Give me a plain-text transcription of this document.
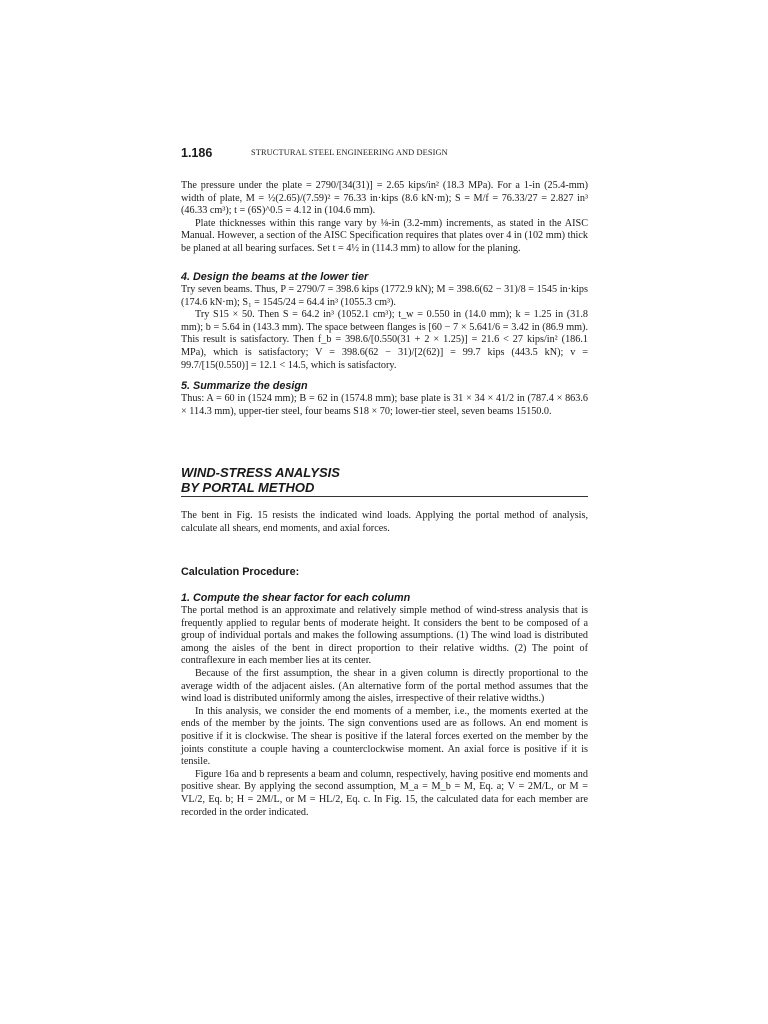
1.186	STRUCTURAL STEEL ENGINEERING AND DESIGN

The pressure under the plate = 2790/[34(31)] = 2.65 kips/in² (18.3 MPa). For a 1-in (25.4-mm) width of plate, M = ½(2.65)/(7.59)² = 76.33 in·kips (8.6 kN·m); S = M/f = 76.33/27 = 2.827 in³ (46.33 cm³); t = (6S)^0.5 = 4.12 in (104.6 mm).

Plate thicknesses within this range vary by ⅛-in (3.2-mm) increments, as stated in the AISC Manual. However, a section of the AISC Specification requires that plates over 4 in (102 mm) thick be planed at all bearing surfaces. Set t = 4½ in (114.3 mm) to allow for the planing.

4. Design the beams at the lower tier

Try seven beams. Thus, P = 2790/7 = 398.6 kips (1772.9 kN); M = 398.6(62 − 31)/8 = 1545 in·kips (174.6 kN·m); S₁ = 1545/24 = 64.4 in³ (1055.3 cm³).

Try S15 × 50. Then S = 64.2 in³ (1052.1 cm³); t_w = 0.550 in (14.0 mm); k = 1.25 in (31.8 mm); b = 5.64 in (143.3 mm). The space between flanges is [60 − 7 × 5.641/6 = 3.42 in (86.9 mm). This result is satisfactory. Then f_b = 398.6/[0.550(31 + 2 × 1.25)] = 21.6 < 27 kips/in² (186.1 MPa), which is satisfactory; V = 398.6(62 − 31)/[2(62)] = 99.7 kips (443.5 kN); v = 99.7/[15(0.550)] = 12.1 < 14.5, which is satisfactory.

5. Summarize the design

Thus: A = 60 in (1524 mm); B = 62 in (1574.8 mm); base plate is 31 × 34 × 41/2 in (787.4 × 863.6 × 114.3 mm), upper-tier steel, four beams S18 × 70; lower-tier steel, seven beams 15150.0.

WIND-STRESS ANALYSIS
BY PORTAL METHOD

The bent in Fig. 15 resists the indicated wind loads. Applying the portal method of analysis, calculate all shears, end moments, and axial forces.

Calculation Procedure:
1. Compute the shear factor for each column

The portal method is an approximate and relatively simple method of wind-stress analysis that is frequently applied to regular bents of moderate height. It considers the bent to be composed of a group of individual portals and makes the following assumptions. (1) The wind load is distributed among the aisles of the bent in direct proportion to their relative widths. (2) The point of contraflexure in each member lies at its center.

Because of the first assumption, the shear in a given column is directly proportional to the average width of the adjacent aisles. (An alternative form of the portal method assumes that the wind load is distributed uniformly among the aisles, irrespective of their relative widths.)

In this analysis, we consider the end moments of a member, i.e., the moments exerted at the ends of the member by the joints. The sign conventions used are as follows. An end moment is positive if it is clockwise. The shear is positive if the lateral forces exerted on the member by the joints constitute a couple having a counterclockwise moment. An axial force is positive if it is tensile.

Figure 16a and b represents a beam and column, respectively, having positive end moments and positive shear. By applying the second assumption, M_a = M_b = M, Eq. a; V = 2M/L, or M = VL/2, Eq. b; H = 2M/L, or M = HL/2, Eq. c. In Fig. 15, the calculated data for each member are recorded in the order indicated.
